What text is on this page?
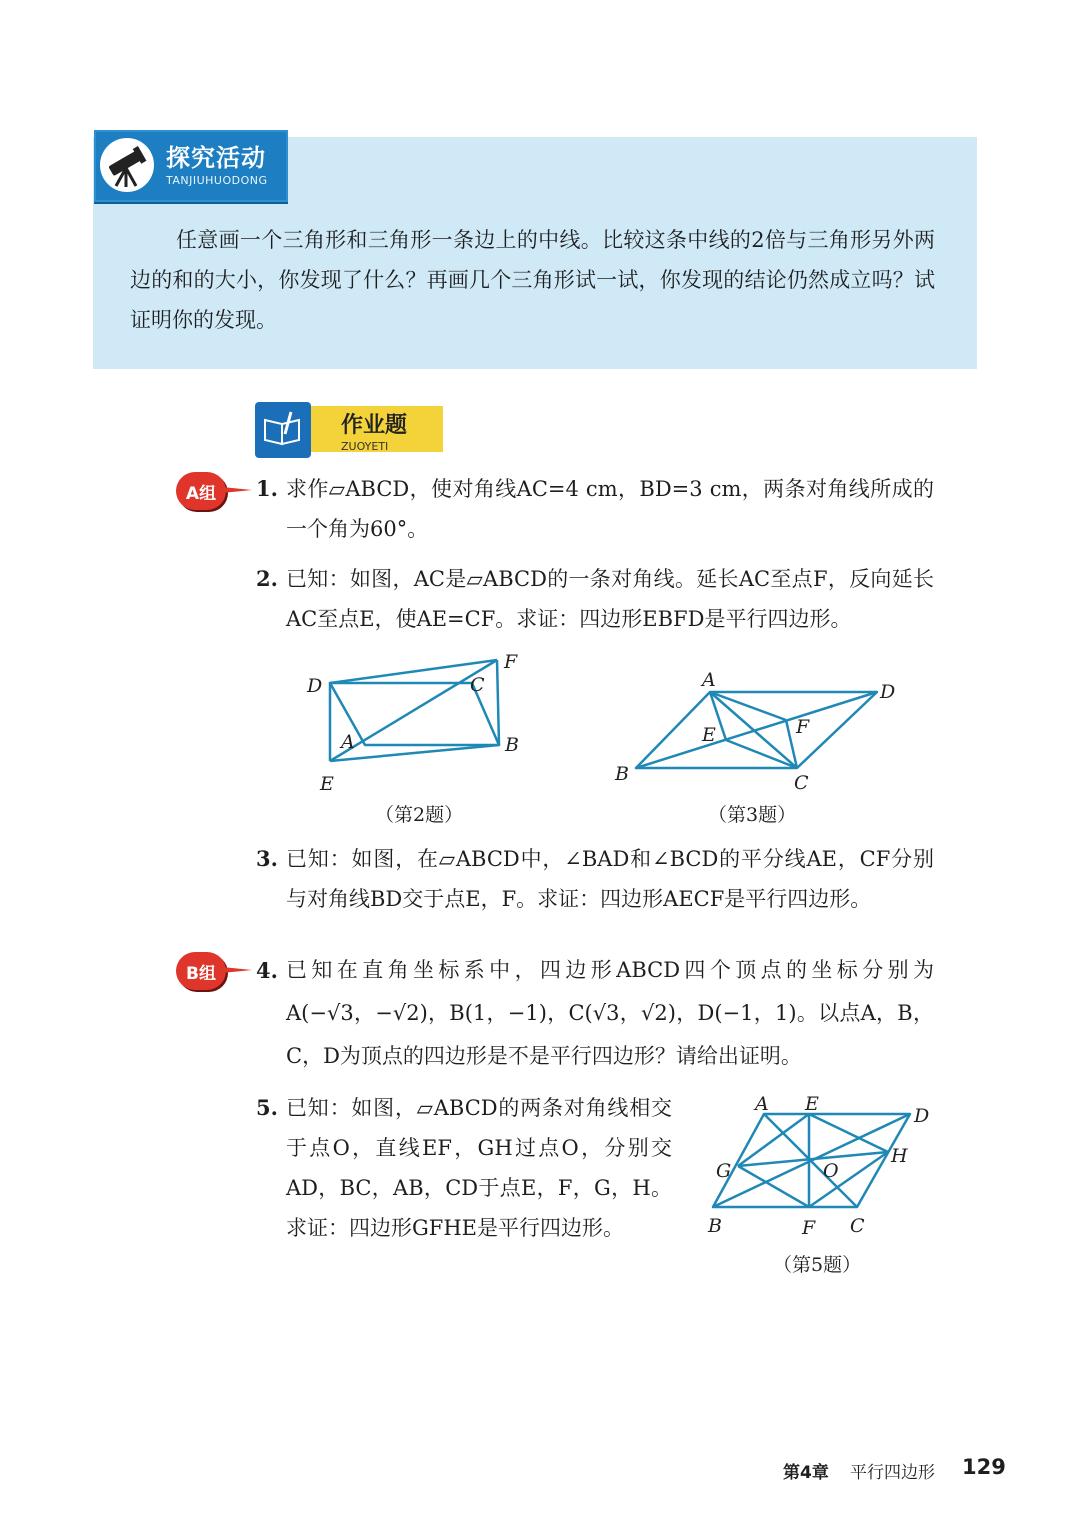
探究活动
TANJIUHUODONG
任意画一个三角形和三角形一条边上的中线。比较这条中线的2倍与三角形另外两边的和的大小，你发现了什么？再画几个三角形试一试，你发现的结论仍然成立吗？试证明你的发现。
作业题
ZUOYETI
A组	1. 求作▱ABCD，使对角线AC=4 cm，BD=3 cm，两条对角线所成的一个角为60°。
2. 已知：如图，AC是▱ABCD的一条对角线。延长AC至点F，反向延长AC至点E，使AE=CF。求证：四边形EBFD是平行四边形。
D
F
C
A	B
E
（第2题）
A
D
E	F
B	C
（第3题）
3. 已知：如图，在▱ABCD中，∠BAD和∠BCD的平分线AE，CF分别与对角线BD交于点E，F。求证：四边形AECF是平行四边形。
B组	4. 已知在直角坐标系中，四边形ABCD四个顶点的坐标分别为A(−√3，−√2)，B(1，−1)，C(√3，√2)，D(−1，1)。以点A，B，C，D为顶点的四边形是不是平行四边形？请给出证明。
5. 已知：如图，▱ABCD的两条对角线相交于点O，直线EF，GH过点O，分别交AD，BC，AB，CD于点E，F，G，H。求证：四边形GFHE是平行四边形。
A E
D
G	O
H
B	F C
（第5题）
第4章 平行四边形 129
